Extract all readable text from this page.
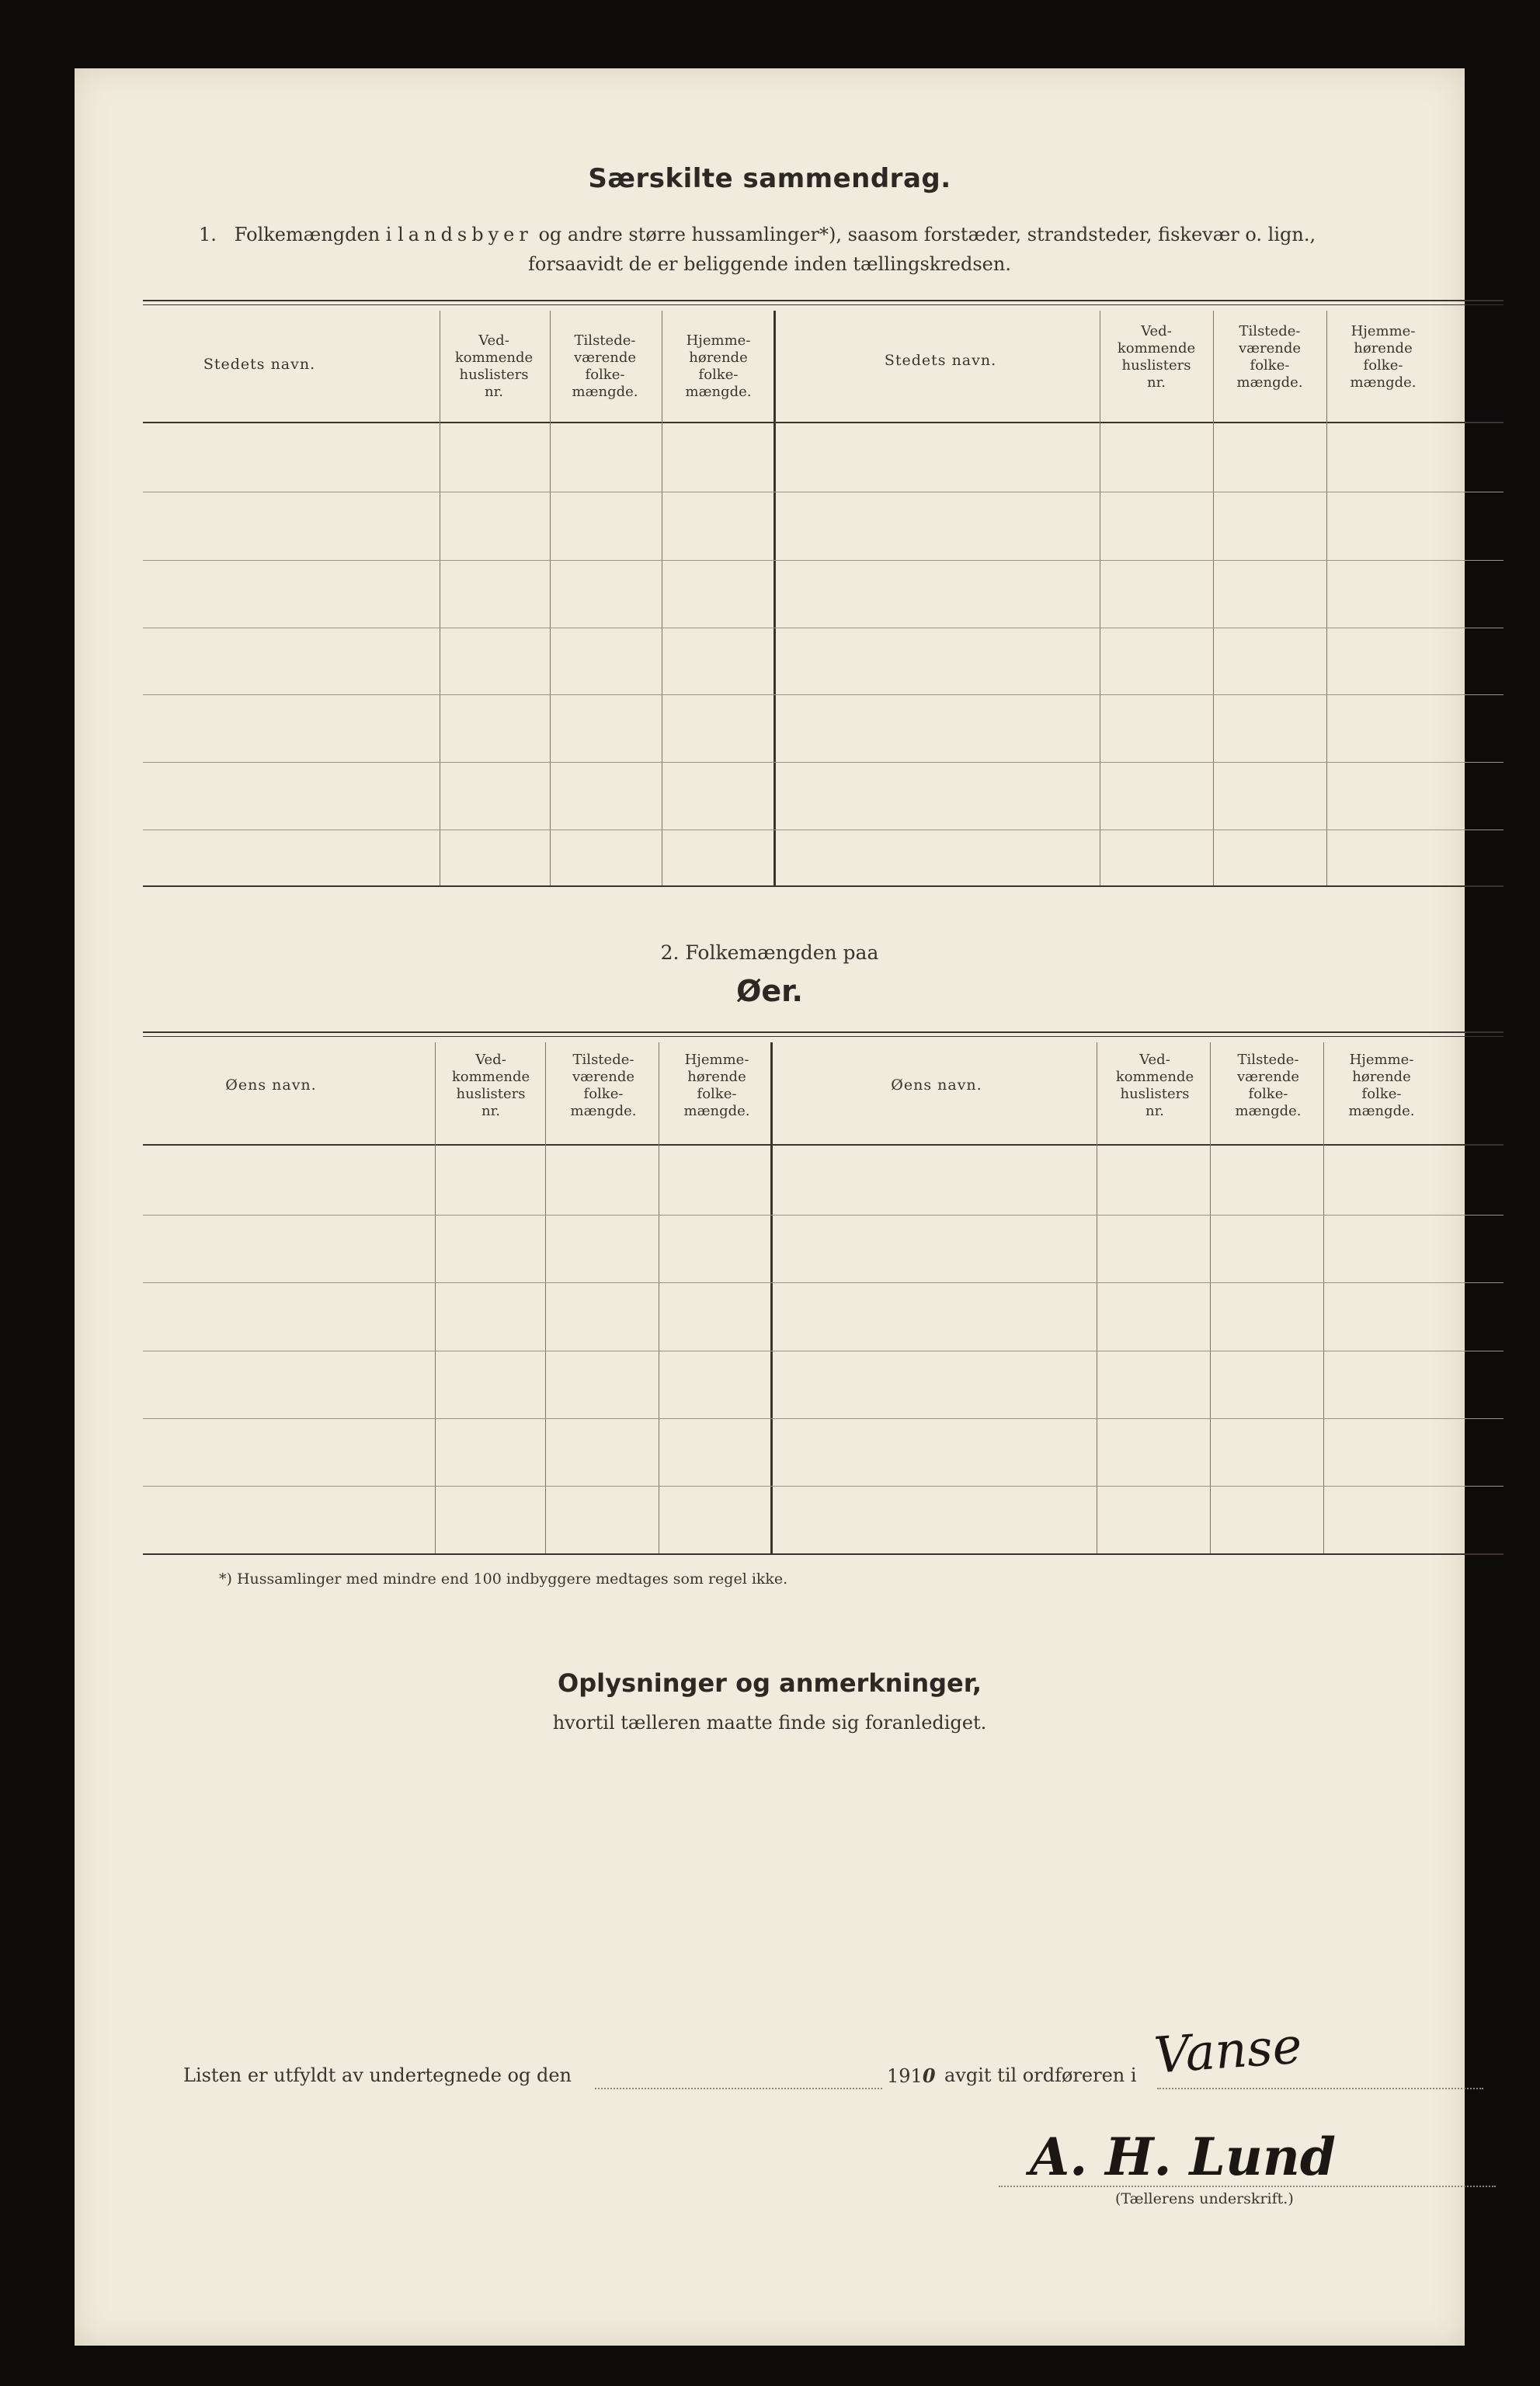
Særskilte sammendrag.
1. Folkemængden i landsbyer og andre større hussamlinger*), saasom forstæder, strandsteder, fiskevær o. lign.,
forsaavidt de er beliggende inden tællingskredsen.
Stedets navn.
Ved-
kommende
huslisters
nr.
Tilstede-
værende
folke-
mængde.
Hjemme-
hørende
folke-
mængde.
Stedets navn.
Ved-
kommende
huslisters
nr.
Tilstede-
værende
folke-
mængde.
Hjemme-
hørende
folke-
mængde.
2. Folkemængden paa
Øer.
Øens navn.
Ved-
kommende
huslisters
nr.
Tilstede-
værende
folke-
mængde.
Hjemme-
hørende
folke-
mængde.
Øens navn.
Ved-
kommende
huslisters
nr.
Tilstede-
værende
folke-
mængde.
Hjemme-
hørende
folke-
mængde.
*) Hussamlinger med mindre end 100 indbyggere medtages som regel ikke.
Oplysninger og anmerkninger,
hvortil tælleren maatte finde sig foranlediget.
Listen er utfyldt av undertegnede og den	1910 avgit til ordføreren i Vanse
A. H. Lund
(Tællerens underskrift.)
